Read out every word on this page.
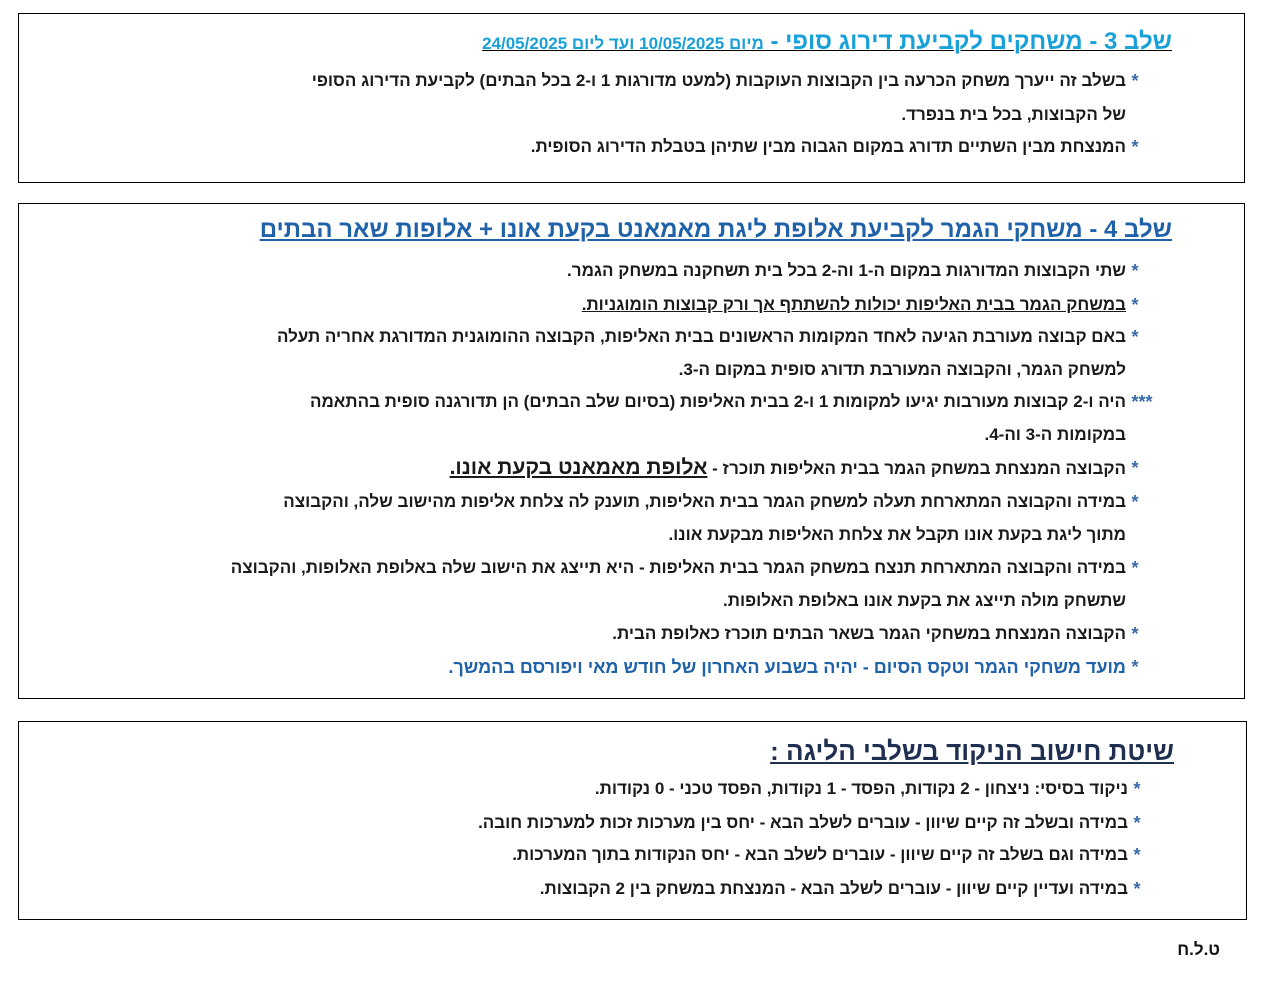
שלב 3 - משחקים לקביעת דירוג סופי - מיום 10/05/2025 ועד ליום 24/05/2025
*
בשלב זה ייערך משחק הכרעה בין הקבוצות העוקבות (למעט מדורגות 1 ו-2 בכל הבתים) לקביעת הדירוג הסופי
של הקבוצות, בכל בית בנפרד.
*
המנצחת מבין השתיים תדורג במקום הגבוה מבין שתיהן בטבלת הדירוג הסופית.
שלב 4 - משחקי הגמר לקביעת אלופת ליגת מאמאנט בקעת אונו + אלופות שאר הבתים
*
שתי הקבוצות המדורגות במקום ה-1 וה-2 בכל בית תשחקנה במשחק הגמר.
*
במשחק הגמר בבית האליפות יכולות להשתתף אך ורק קבוצות הומוגניות.
*
באם קבוצה מעורבת הגיעה לאחד המקומות הראשונים בבית האליפות, הקבוצה ההומוגנית המדורגת אחריה תעלה
למשחק הגמר, והקבוצה המעורבת תדורג סופית במקום ה-3.
***
היה ו-2 קבוצות מעורבות יגיעו למקומות 1 ו-2 בבית האליפות (בסיום שלב הבתים) הן תדורגנה סופית בהתאמה
במקומות ה-3 וה-4.
*
הקבוצה המנצחת במשחק הגמר בבית האליפות תוכרז - אלופת מאמאנט בקעת אונו.
*
במידה והקבוצה המתארחת תעלה למשחק הגמר בבית האליפות, תוענק לה צלחת אליפות מהישוב שלה, והקבוצה
מתוך ליגת בקעת אונו תקבל את צלחת האליפות מבקעת אונו.
*
במידה והקבוצה המתארחת תנצח במשחק הגמר בבית האליפות - היא תייצג את הישוב שלה באלופת האלופות, והקבוצה
שתשחק מולה תייצג את בקעת אונו באלופת האלופות.
*
הקבוצה המנצחת במשחקי הגמר בשאר הבתים תוכרז כאלופת הבית.
*
מועד משחקי הגמר וטקס הסיום - יהיה בשבוע האחרון של חודש מאי ויפורסם בהמשך.
שיטת חישוב הניקוד בשלבי הליגה :
*
ניקוד בסיסי: ניצחון - 2 נקודות, הפסד - 1 נקודות, הפסד טכני - 0 נקודות.
*
במידה ובשלב זה קיים שיוון - עוברים לשלב הבא - יחס בין מערכות זכות למערכות חובה.
*
במידה וגם בשלב זה קיים שיוון - עוברים לשלב הבא - יחס הנקודות בתוך המערכות.
*
במידה ועדיין קיים שיוון - עוברים לשלב הבא - המנצחת במשחק בין 2 הקבוצות.
ט.ל.ח
